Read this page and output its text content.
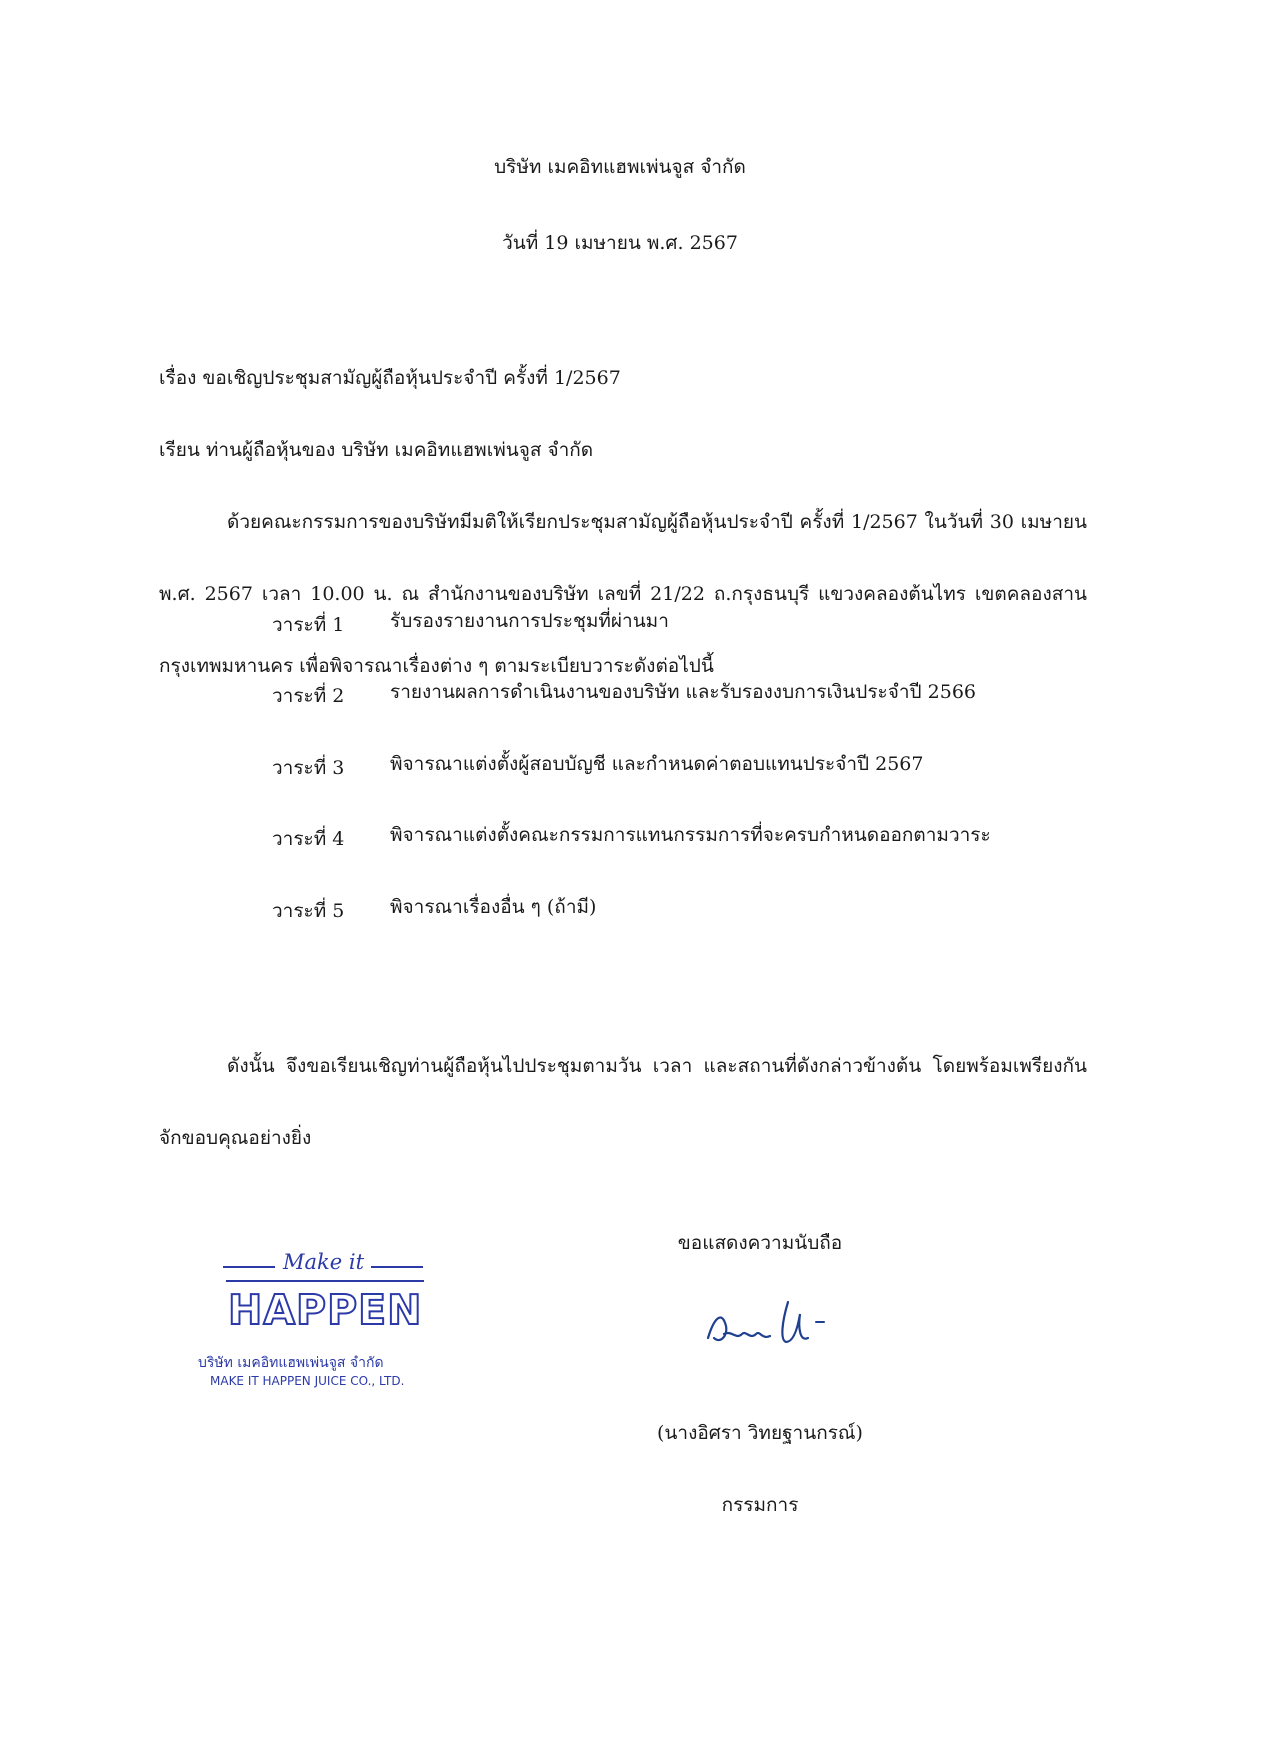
บริษัท เมคอิทแฮพเพ่นจูส จำกัด
วันที่ 19 เมษายน พ.ศ. 2567
เรื่อง ขอเชิญประชุมสามัญผู้ถือหุ้นประจำปี ครั้งที่ 1/2567
เรียน ท่านผู้ถือหุ้นของ บริษัท เมคอิทแฮพเพ่นจูส จำกัด

ด้วยคณะกรรมการของบริษัทมีมติให้เรียกประชุมสามัญผู้ถือหุ้นประจำปี ครั้งที่ 1/2567 ในวันที่ 30 เมษายน พ.ศ. 2567 เวลา 10.00 น. ณ สำนักงานของบริษัท เลขที่ 21/22 ถ.กรุงธนบุรี แขวงคลองต้นไทร เขตคลองสาน กรุงเทพมหานคร เพื่อพิจารณาเรื่องต่าง ๆ ตามระเบียบวาระดังต่อไปนี้

วาระที่ 1 รับรองรายงานการประชุมที่ผ่านมา
วาระที่ 2 รายงานผลการดำเนินงานของบริษัท และรับรองงบการเงินประจำปี 2566
วาระที่ 3 พิจารณาแต่งตั้งผู้สอบบัญชี และกำหนดค่าตอบแทนประจำปี 2567
วาระที่ 4 พิจารณาแต่งตั้งคณะกรรมการแทนกรรมการที่จะครบกำหนดออกตามวาระ
วาระที่ 5 พิจารณาเรื่องอื่น ๆ (ถ้ามี)

ดังนั้น จึงขอเรียนเชิญท่านผู้ถือหุ้นไปประชุมตามวัน เวลา และสถานที่ดังกล่าวข้างต้น โดยพร้อมเพรียงกัน จักขอบคุณอย่างยิ่ง

ขอแสดงความนับถือ
Make it
HAPPEN
บริษัท เมคอิทแฮพเพ่นจูส จำกัด
MAKE IT HAPPEN JUICE CO., LTD.
(นางอิศรา วิทยฐานกรณ์)
กรรมการ
